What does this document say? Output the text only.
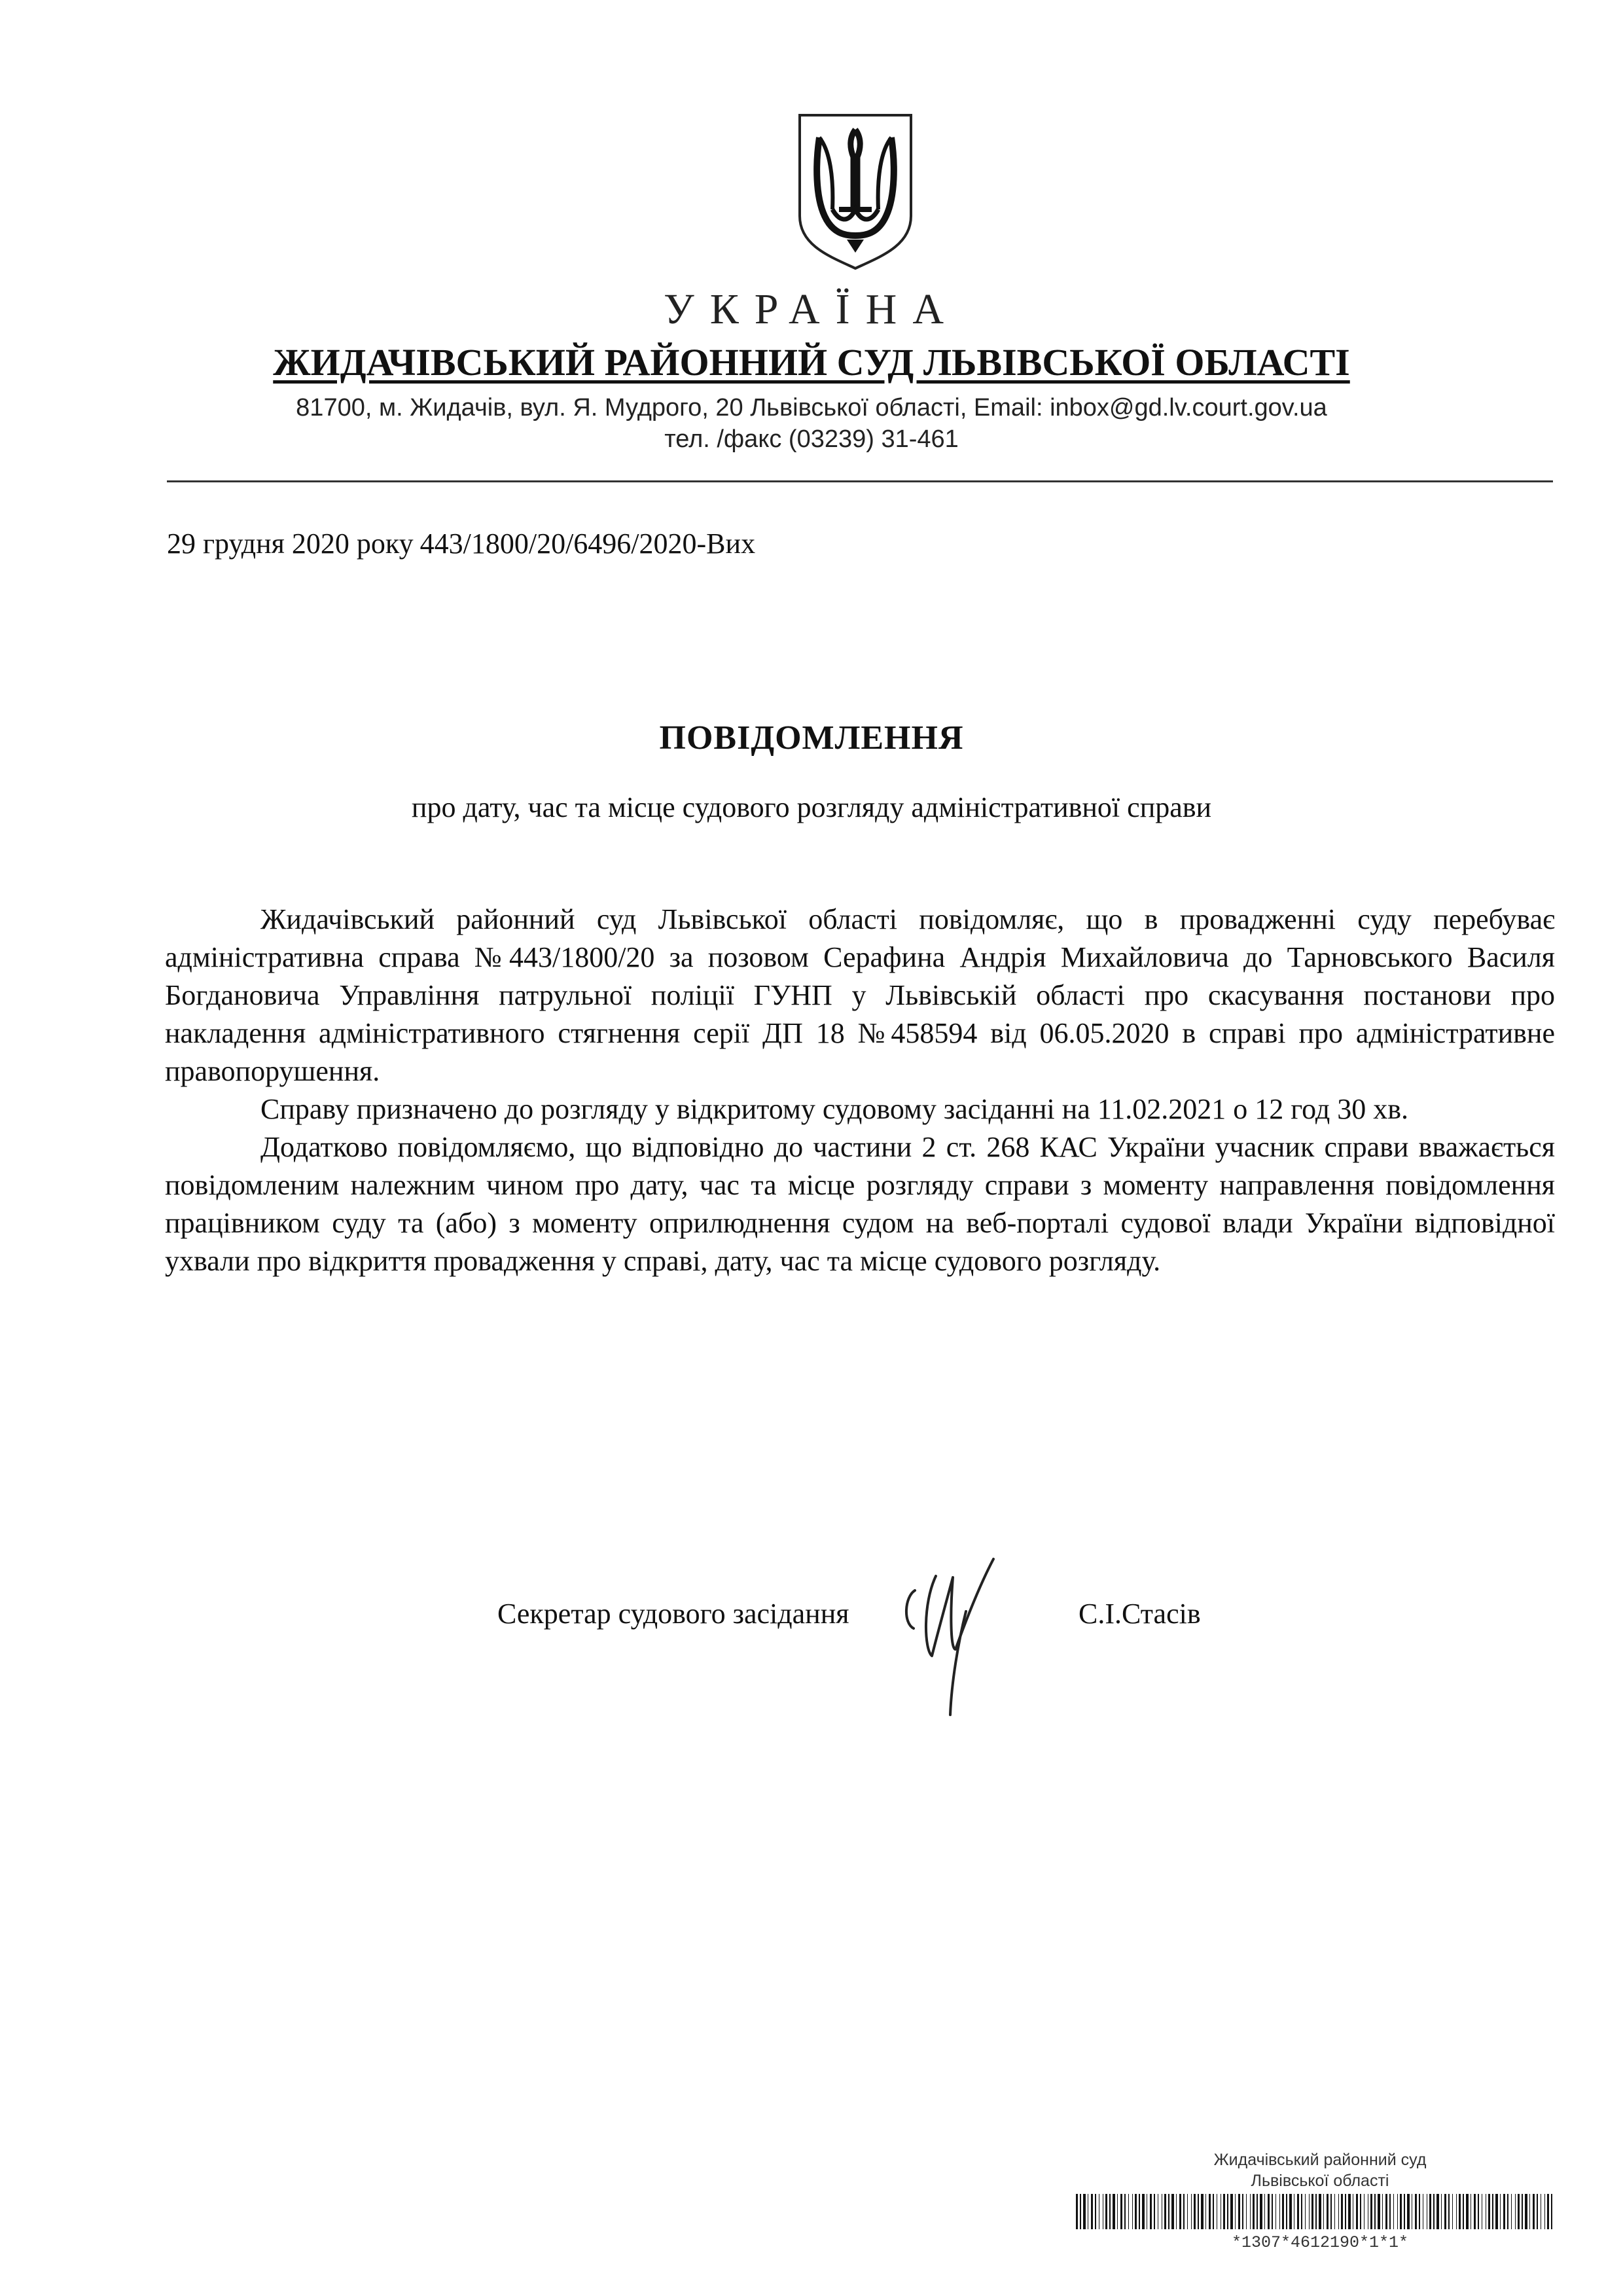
УКРАЇНА
ЖИДАЧІВСЬКИЙ РАЙОННИЙ СУД ЛЬВІВСЬКОЇ ОБЛАСТІ
81700, м. Жидачів, вул. Я. Мудрого, 20 Львівської області, Email: inbox@gd.lv.court.gov.ua
тел. /факс (03239) 31-461
29 грудня 2020 року 443/1800/20/6496/2020-Вих
ПОВІДОМЛЕННЯ
про дату, час та місце судового розгляду адміністративної справи

Жидачівський районний суд Львівської області повідомляє, що в провадженні суду перебуває адміністративна справа №443/1800/20 за позовом Серафина Андрія Михайловича до Тарновського Василя Богдановича Управління патрульної поліції ГУНП у Львівській області про скасування постанови про накладення адміністративного стягнення серії ДП 18 №458594 від 06.05.2020 в справі про адміністративне правопорушення.

Справу призначено до розгляду у відкритому судовому засіданні на 11.02.2021 о 12 год 30 хв.

Додатково повідомляємо, що відповідно до частини 2 ст. 268 КАС України учасник справи вважається повідомленим належним чином про дату, час та місце розгляду справи з моменту направлення повідомлення працівником суду та (або) з моменту оприлюднення судом на веб-порталі судової влади України відповідної ухвали про відкриття провадження у справі, дату, час та місце судового розгляду.

Секретар судового засідання	С.І.Стасів
Жидачівський районний суд
Львівської області
*1307*4612190*1*1*
